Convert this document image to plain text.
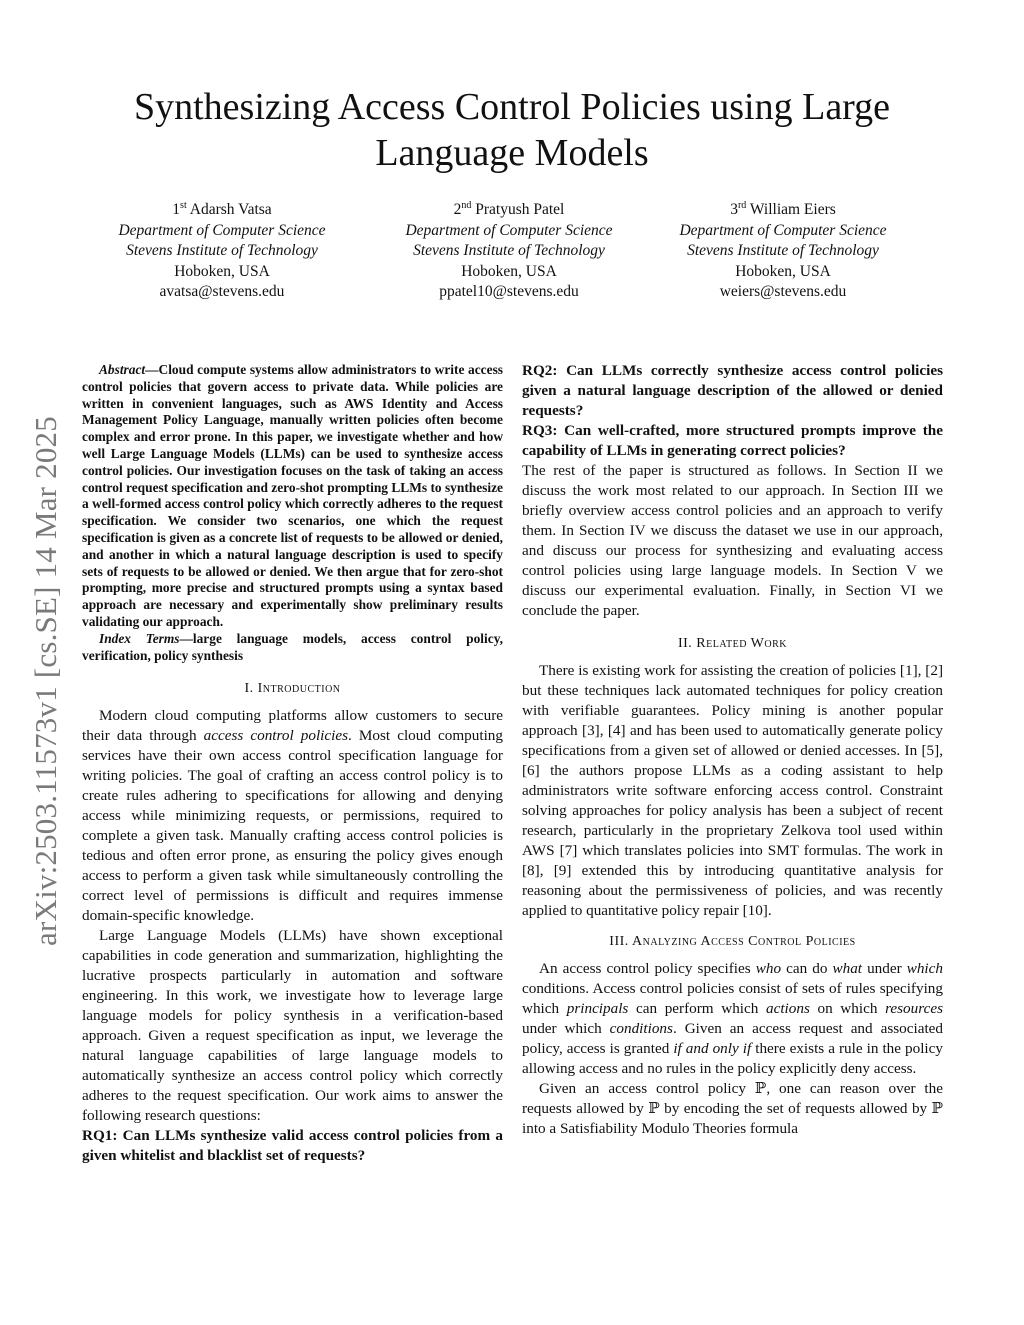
Synthesizing Access Control Policies using Large Language Models
1st Adarsh Vatsa
Department of Computer Science
Stevens Institute of Technology
Hoboken, USA
avatsa@stevens.edu
2nd Pratyush Patel
Department of Computer Science
Stevens Institute of Technology
Hoboken, USA
ppatel10@stevens.edu
3rd William Eiers
Department of Computer Science
Stevens Institute of Technology
Hoboken, USA
weiers@stevens.edu
arXiv:2503.11573v1 [cs.SE] 14 Mar 2025

Abstract—Cloud compute systems allow administrators to write access control policies that govern access to private data. While policies are written in convenient languages, such as AWS Identity and Access Management Policy Language, manually written policies often become complex and error prone. In this paper, we investigate whether and how well Large Language Models (LLMs) can be used to synthesize access control policies. Our investigation focuses on the task of taking an access control request specification and zero-shot prompting LLMs to synthesize a well-formed access control policy which correctly adheres to the request specification. We consider two scenarios, one which the request specification is given as a concrete list of requests to be allowed or denied, and another in which a natural language description is used to specify sets of requests to be allowed or denied. We then argue that for zero-shot prompting, more precise and structured prompts using a syntax based approach are necessary and experimentally show preliminary results validating our approach.

Index Terms—large language models, access control policy, verification, policy synthesis

I. Introduction

Modern cloud computing platforms allow customers to secure their data through access control policies. Most cloud computing services have their own access control specification language for writing policies. The goal of crafting an access control policy is to create rules adhering to specifications for allowing and denying access while minimizing requests, or permissions, required to complete a given task. Manually crafting access control policies is tedious and often error prone, as ensuring the policy gives enough access to perform a given task while simultaneously controlling the correct level of permissions is difficult and requires immense domain-specific knowledge.

Large Language Models (LLMs) have shown exceptional capabilities in code generation and summarization, highlighting the lucrative prospects particularly in automation and software engineering. In this work, we investigate how to leverage large language models for policy synthesis in a verification-based approach. Given a request specification as input, we leverage the natural language capabilities of large language models to automatically synthesize an access control policy which correctly adheres to the request specification. Our work aims to answer the following research questions:

RQ1: Can LLMs synthesize valid access control policies from a given whitelist and blacklist set of requests?

RQ2: Can LLMs correctly synthesize access control policies given a natural language description of the allowed or denied requests?

RQ3: Can well-crafted, more structured prompts improve the capability of LLMs in generating correct policies?

The rest of the paper is structured as follows. In Section II we discuss the work most related to our approach. In Section III we briefly overview access control policies and an approach to verify them. In Section IV we discuss the dataset we use in our approach, and discuss our process for synthesizing and evaluating access control policies using large language models. In Section V we discuss our experimental evaluation. Finally, in Section VI we conclude the paper.

II. Related Work

There is existing work for assisting the creation of policies [1], [2] but these techniques lack automated techniques for policy creation with verifiable guarantees. Policy mining is another popular approach [3], [4] and has been used to automatically generate policy specifications from a given set of allowed or denied accesses. In [5], [6] the authors propose LLMs as a coding assistant to help administrators write software enforcing access control. Constraint solving approaches for policy analysis has been a subject of recent research, particularly in the proprietary Zelkova tool used within AWS [7] which translates policies into SMT formulas. The work in [8], [9] extended this by introducing quantitative analysis for reasoning about the permissiveness of policies, and was recently applied to quantitative policy repair [10].

III. Analyzing Access Control Policies

An access control policy specifies who can do what under which conditions. Access control policies consist of sets of rules specifying which principals can perform which actions on which resources under which conditions. Given an access request and associated policy, access is granted if and only if there exists a rule in the policy allowing access and no rules in the policy explicitly deny access.

Given an access control policy ℙ, one can reason over the requests allowed by ℙ by encoding the set of requests allowed by ℙ into a Satisfiability Modulo Theories formula
